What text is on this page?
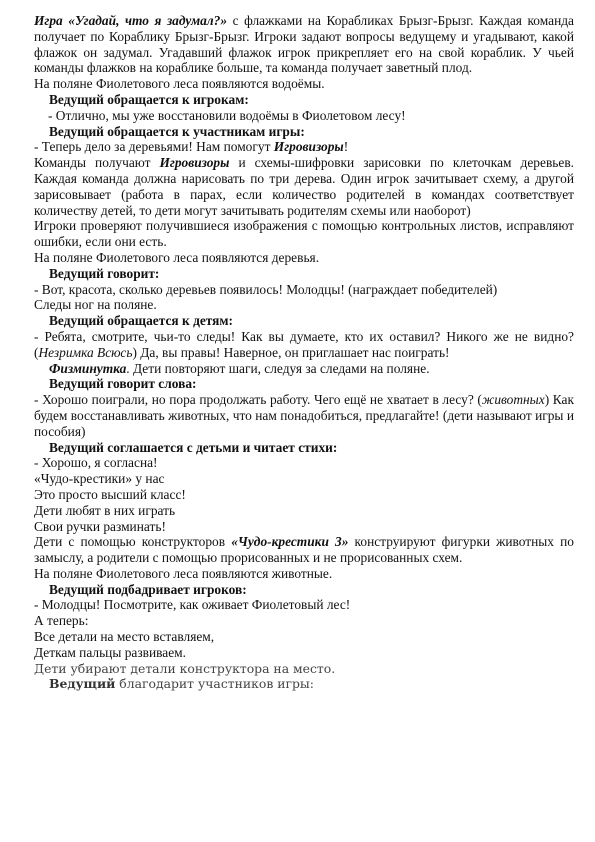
Игра «Угадай, что я задумал?» с флажками на Корабликах Брызг-Брызг. Каждая команда получает по Кораблику Брызг-Брызг. Игроки задают вопросы ведущему и угадывают, какой флажок он задумал. Угадавший флажок игрок прикрепляет его на свой кораблик. У чьей команды флажков на кораблике больше, та команда получает заветный плод.

На поляне Фиолетового леса появляются водоёмы.

Ведущий обращается к игрокам:

- Отлично, мы уже восстановили водоёмы в Фиолетовом лесу!

Ведущий обращается к участникам игры:

- Теперь дело за деревьями! Нам помогут Игровизоры!

Команды получают Игровизоры и схемы-шифровки зарисовки по клеточкам деревьев. Каждая команда должна нарисовать по три дерева. Один игрок зачитывает схему, а другой зарисовывает (работа в парах, если количество родителей в командах соответствует количеству детей, то дети могут зачитывать родителям схемы или наоборот)

Игроки проверяют получившиеся изображения с помощью контрольных листов, исправляют ошибки, если они есть.

На поляне Фиолетового леса появляются деревья.

Ведущий говорит:

- Вот, красота, сколько деревьев появилось! Молодцы! (награждает победителей)

Следы ног на поляне.

Ведущий обращается к детям:

- Ребята, смотрите, чьи-то следы! Как вы думаете, кто их оставил? Никого же не видно? (Незримка Всюсь) Да, вы правы! Наверное, он приглашает нас поиграть!

Физминутка. Дети повторяют шаги, следуя за следами на поляне.

Ведущий говорит слова:

- Хорошо поиграли, но пора продолжать работу. Чего ещё не хватает в лесу? (животных) Как будем восстанавливать животных, что нам понадобиться, предлагайте! (дети называют игры и пособия)

Ведущий соглашается с детьми и читает стихи:

- Хорошо, я согласна!

«Чудо-крестики» у нас

Это просто высший класс!

Дети любят в них играть

Свои ручки разминать!

Дети с помощью конструкторов «Чудо-крестики 3» конструируют фигурки животных по замыслу, а родители с помощью прорисованных и не прорисованных схем.

На поляне Фиолетового леса появляются животные.

Ведущий подбадривает игроков:

- Молодцы! Посмотрите, как оживает Фиолетовый лес!

А теперь:

Все детали на место вставляем,

Деткам пальцы развиваем.

Дети убирают детали конструктора на место.

Ведущий благодарит участников игры:
